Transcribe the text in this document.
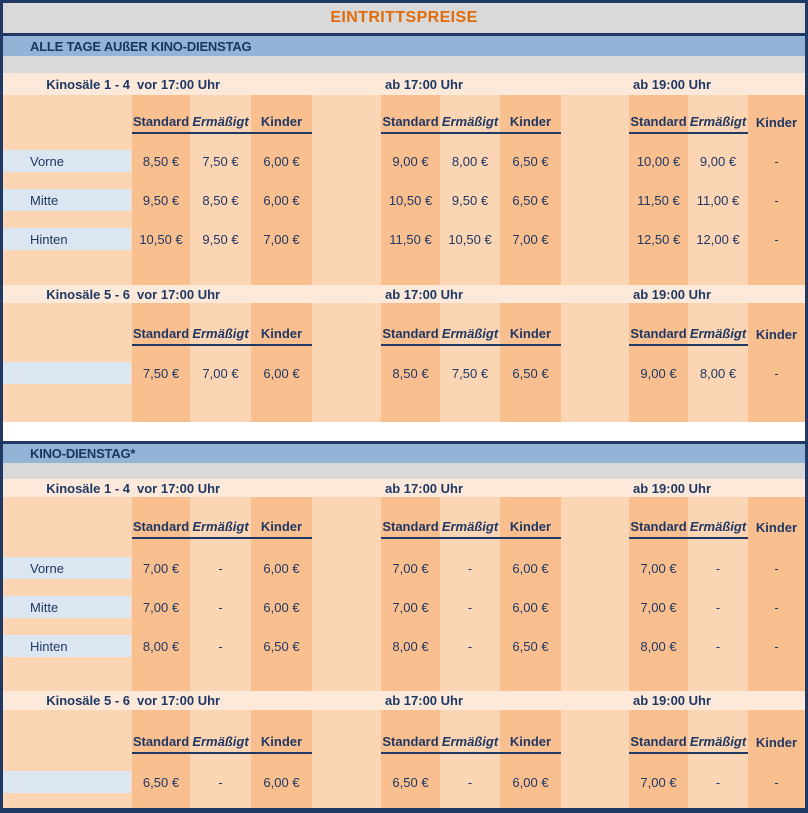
EINTRITTSPREISE
ALLE TAGE AUßER KINO-DIENSTAG
Kinosäle 1 - 4 vor 17:00 Uhr	ab 17:00 Uhr	ab 19:00 Uhr
Standard Ermäßigt Kinder	Standard Ermäßigt Kinder	Standard Ermäßigt Kinder
Vorne	8,50 €	7,50 €	6,00 €	9,00 €	8,00 €	6,50 €	10,00 €	9,00 €	-
Mitte	9,50 €	8,50 €	6,00 €	10,50 €	9,50 €	6,50 €	11,50 €	11,00 €	-
Hinten	10,50 €	9,50 €	7,00 €	11,50 €	10,50 €	7,00 €	12,50 €	12,00 €	-
Kinosäle 5 - 6 vor 17:00 Uhr	ab 17:00 Uhr	ab 19:00 Uhr
Standard Ermäßigt Kinder	Standard Ermäßigt Kinder	Standard Ermäßigt Kinder
7,50 €	7,00 €	6,00 €	8,50 €	7,50 €	6,50 €	9,00 €	8,00 €	-
KINO-DIENSTAG*
Kinosäle 1 - 4 vor 17:00 Uhr	ab 17:00 Uhr	ab 19:00 Uhr
Standard Ermäßigt Kinder	Standard Ermäßigt Kinder	Standard Ermäßigt Kinder
Vorne	7,00 €	-	6,00 €	7,00 €	-	6,00 €	7,00 €	-	-
Mitte	7,00 €	-	6,00 €	7,00 €	-	6,00 €	7,00 €	-	-
Hinten	8,00 €	-	6,50 €	8,00 €	-	6,50 €	8,00 €	-	-
Kinosäle 5 - 6 vor 17:00 Uhr	ab 17:00 Uhr	ab 19:00 Uhr
Standard Ermäßigt Kinder	Standard Ermäßigt Kinder	Standard Ermäßigt Kinder
6,50 €	-	6,00 €	6,50 €	-	6,00 €	7,00 €	-	-
